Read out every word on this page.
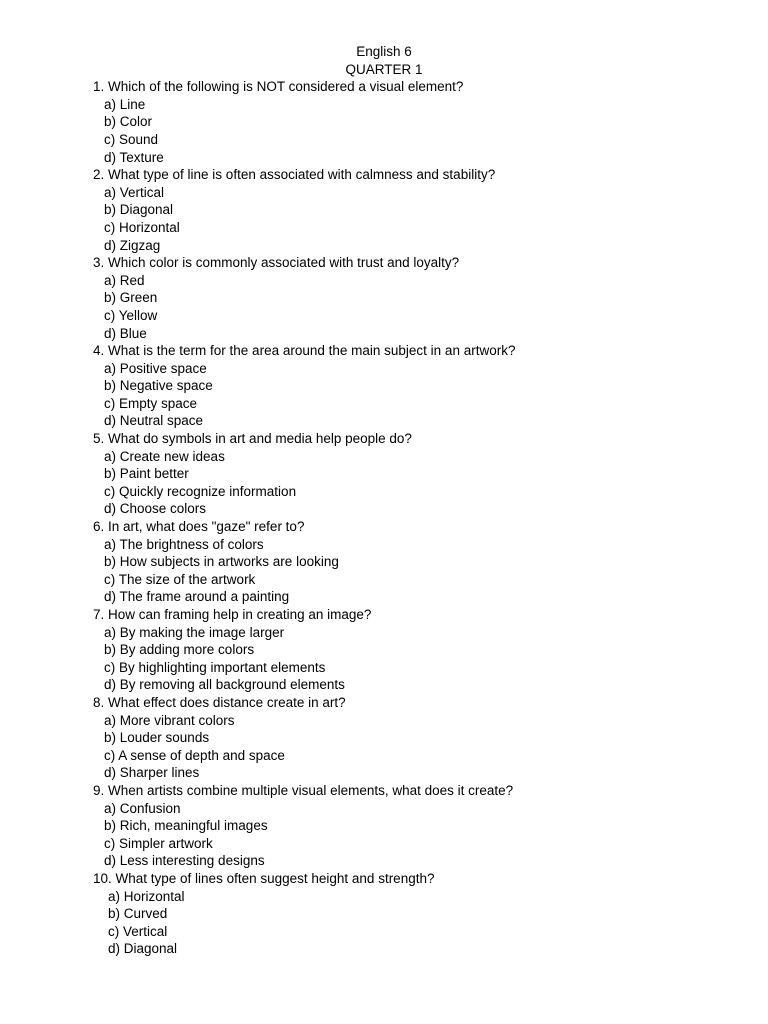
English 6
QUARTER 1
1. Which of the following is NOT considered a visual element?
a) Line
b) Color
c) Sound
d) Texture
2. What type of line is often associated with calmness and stability?
a) Vertical
b) Diagonal
c) Horizontal
d) Zigzag
3. Which color is commonly associated with trust and loyalty?
a) Red
b) Green
c) Yellow
d) Blue
4. What is the term for the area around the main subject in an artwork?
a) Positive space
b) Negative space
c) Empty space
d) Neutral space
5. What do symbols in art and media help people do?
a) Create new ideas
b) Paint better
c) Quickly recognize information
d) Choose colors
6. In art, what does "gaze" refer to?
a) The brightness of colors
b) How subjects in artworks are looking
c) The size of the artwork
d) The frame around a painting
7. How can framing help in creating an image?
a) By making the image larger
b) By adding more colors
c) By highlighting important elements
d) By removing all background elements
8. What effect does distance create in art?
a) More vibrant colors
b) Louder sounds
c) A sense of depth and space
d) Sharper lines
9. When artists combine multiple visual elements, what does it create?
a) Confusion
b) Rich, meaningful images
c) Simpler artwork
d) Less interesting designs
10. What type of lines often suggest height and strength?
a) Horizontal
b) Curved
c) Vertical
d) Diagonal
